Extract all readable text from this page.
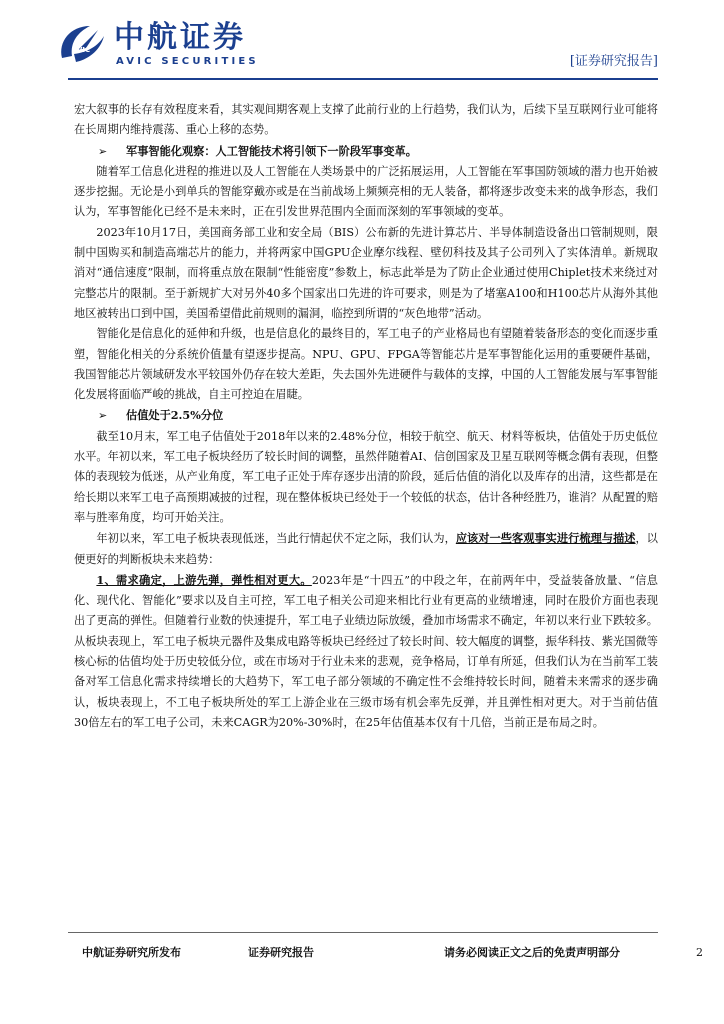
AVIC 中航证券
AVIC SECURITIES	[证券研究报告]

宏大叙事的长存有效程度来看，其实观间期客观上支撑了此前行业的上行趋势，我们认为，后续下呈互联网行业可能将在长周期内维持震荡、重心上移的态势。

➢ 军事智能化观察：人工智能技术将引领下一阶段军事变革。

随着军工信息化进程的推进以及人工智能在人类场景中的广泛拓展运用，人工智能在军事国防领域的潜力也开始被逐步挖掘。无论是小到单兵的智能穿戴亦或是在当前战场上频频亮相的无人装备，都将逐步改变未来的战争形态，我们认为，军事智能化已经不是未来时，正在引发世界范围内全面而深刻的军事领域的变革。

2023年10月17日，美国商务部工业和安全局（BIS）公布新的先进计算芯片、半导体制造设备出口管制规则，限制中国购买和制造高端芯片的能力，并将两家中国GPU企业摩尔线程、壁仞科技及其子公司列入了实体清单。新规取消对“通信速度”限制，而将重点放在限制“性能密度”参数上，标志此举是为了防止企业通过使用Chiplet技术来绕过对完整芯片的限制。至于新规扩大对另外40多个国家出口先进的许可要求，则是为了堵塞A100和H100芯片从海外其他地区被转出口到中国，美国希望借此前规则的漏洞，临控到所谓的“灰色地带”活动。

智能化是信息化的延伸和升级，也是信息化的最终目的，军工电子的产业格局也有望随着装备形态的变化而逐步重塑，智能化相关的分系统价值量有望逐步提高。NPU、GPU、FPGA等智能芯片是军事智能化运用的重要硬件基础，我国智能芯片领域研发水平较国外仍存在较大差距，失去国外先进硬件与载体的支撑，中国的人工智能发展与军事智能化发展将面临严峻的挑战，自主可控迫在眉睫。

➢ 估值处于2.5%分位

截至10月末，军工电子估值处于2018年以来的2.48%分位，相较于航空、航天、材料等板块，估值处于历史低位水平。年初以来，军工电子板块经历了较长时间的调整，虽然伴随着AI、信创国家及卫星互联网等概念偶有表现，但整体的表现较为低迷，从产业角度，军工电子正处于库存逐步出清的阶段，延后估值的消化以及库存的出清，这些都是在给长期以来军工电子高预期减披的过程，现在整体板块已经处于一个较低的状态，估计各种经胜乃，谁消？从配置的赔率与胜率角度，均可开始关注。

年初以来，军工电子板块表现低迷，当此行情起伏不定之际，我们认为，应该对一些客观事实进行梳理与描述，以便更好的判断板块未来趋势：

1、需求确定，上游先弹，弹性相对更大。2023年是“十四五”的中段之年，在前两年中，受益装备放量、“信息化、现代化、智能化”要求以及自主可控，军工电子相关公司迎来相比行业有更高的业绩增速，同时在股价方面也表现出了更高的弹性。但随着行业数的快速提升，军工电子业绩边际放缓，叠加市场需求不确定，年初以来行业下跌较多。从板块表现上，军工电子板块元器件及集成电路等板块已经经过了较长时间、较大幅度的调整，振华科技、紫光国微等核心标的估值均处于历史较低分位，或在市场对于行业未来的悲观，竞争格局，订单有所延，但我们认为在当前军工装备对军工信息化需求持续增长的大趋势下，军工电子部分领域的不确定性不会维持较长时间，随着未来需求的逐步确认，板块表现上，不工电子板块所处的军工上游企业在三级市场有机会率先反弹，并且弹性相对更大。对于当前估值30倍左右的军工电子公司，未来CAGR为20%-30%时，在25年估值基本仅有十几倍，当前正是布局之时。

中航证券研究所发布	证券研究报告	请务必阅读正文之后的免责声明部分	2
